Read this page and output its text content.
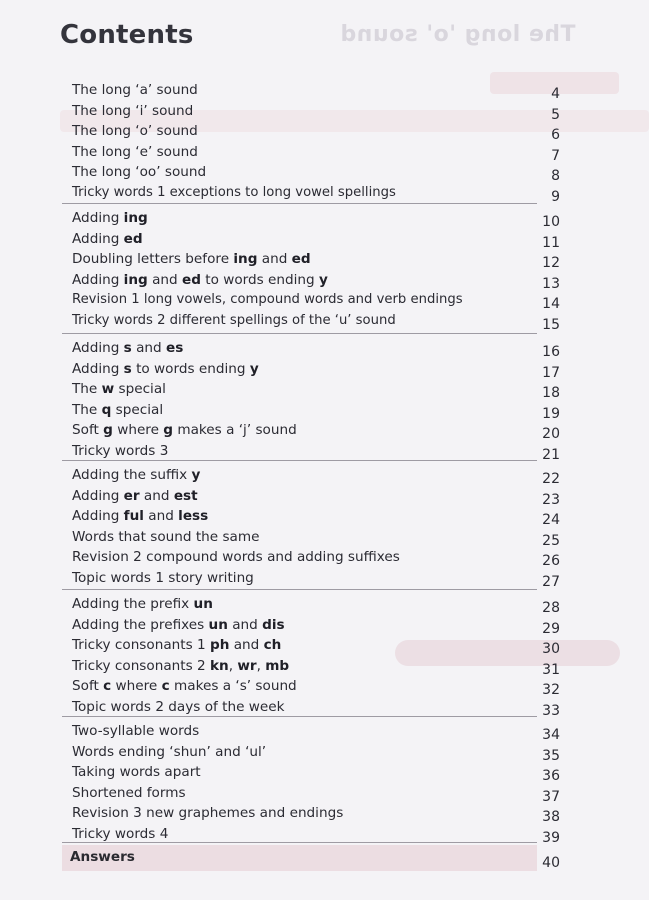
The long 'o' sound
Contents
The long ‘a’ sound	4
The long ‘i’ sound	5
The long ‘o’ sound	6
The long ‘e’ sound	7
The long ‘oo’ sound	8
Tricky words 1 exceptions to long vowel spellings	9
Adding ing	10
Adding ed	11
Doubling letters before ing and ed	12
Adding ing and ed to words ending y	13
Revision 1 long vowels, compound words and verb endings	14
Tricky words 2 different spellings of the ‘u’ sound	15
Adding s and es	16
Adding s to words ending y	17
The w special	18
The q special	19
Soft g where g makes a ‘j’ sound	20
Tricky words 3	21
Adding the suffix y	22
Adding er and est	23
Adding ful and less	24
Words that sound the same	25
Revision 2 compound words and adding suffixes	26
Topic words 1 story writing	27
Adding the prefix un	28
Adding the prefixes un and dis	29
Tricky consonants 1 ph and ch	30
Tricky consonants 2 kn, wr, mb	31
Soft c where c makes a ‘s’ sound	32
Topic words 2 days of the week	33
Two-syllable words	34
Words ending ‘shun’ and ‘ul’	35
Taking words apart	36
Shortened forms	37
Revision 3 new graphemes and endings	38
Tricky words 4	39
Answers	40
